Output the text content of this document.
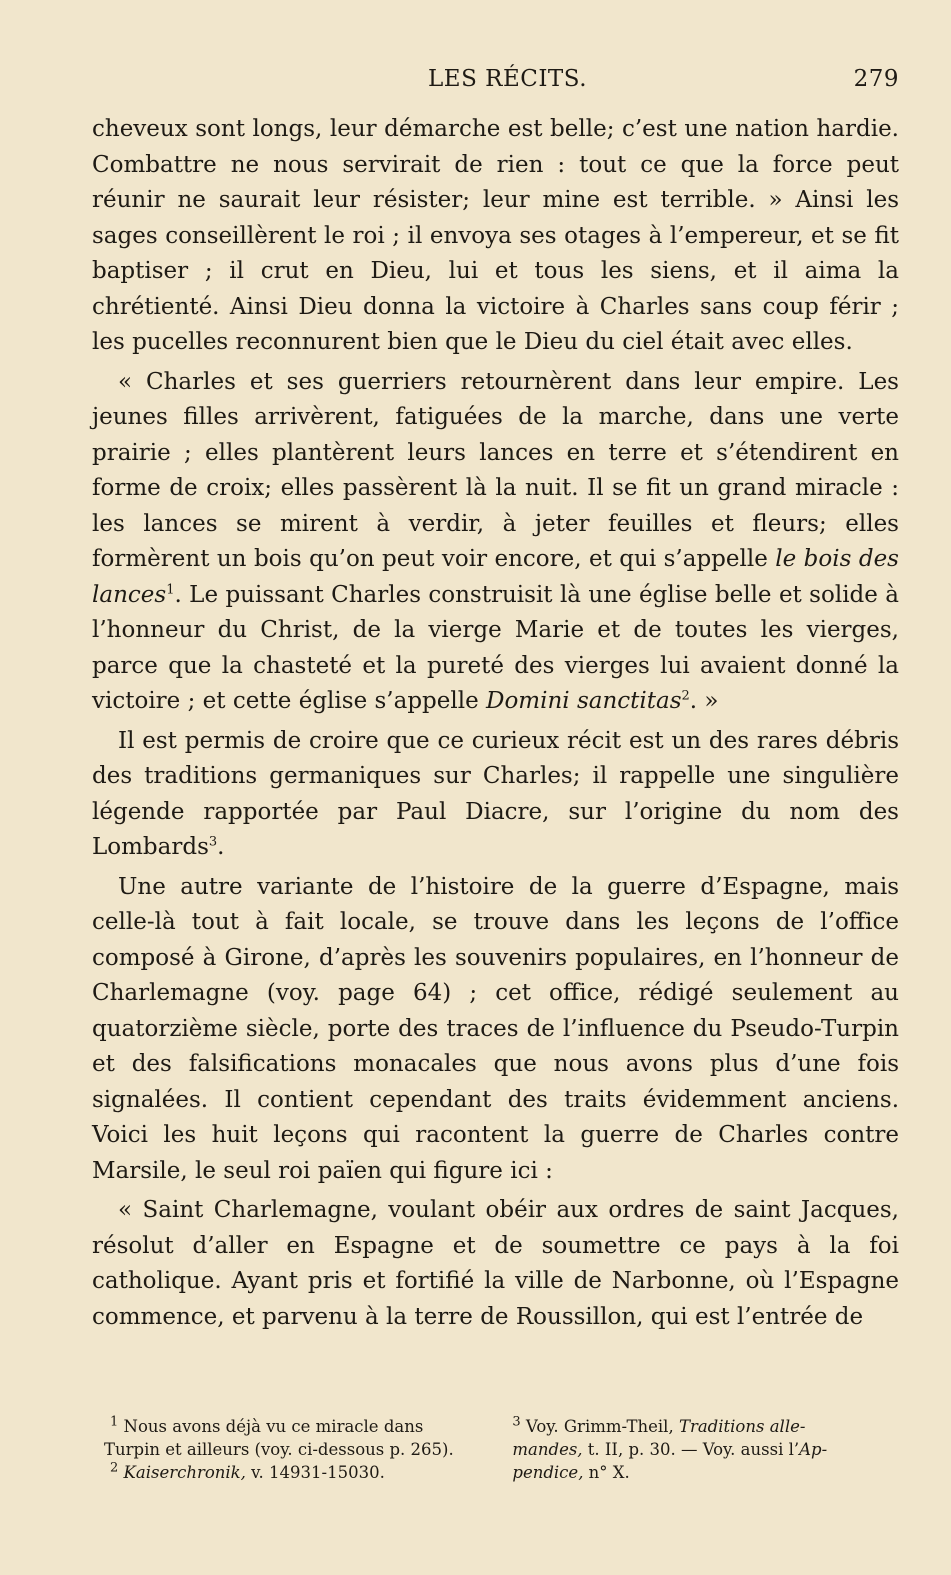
LES RÉCITS.	279

cheveux sont longs, leur démarche est belle; c’est une nation hardie. Combattre ne nous servirait de rien : tout ce que la force peut réunir ne saurait leur résister; leur mine est terrible. » Ainsi les sages conseillèrent le roi ; il envoya ses otages à l’empereur, et se fit baptiser ; il crut en Dieu, lui et tous les siens, et il aima la chrétienté. Ainsi Dieu donna la victoire à Charles sans coup férir ; les pucelles reconnurent bien que le Dieu du ciel était avec elles.

« Charles et ses guerriers retournèrent dans leur empire. Les jeunes filles arrivèrent, fatiguées de la marche, dans une verte prairie ; elles plantèrent leurs lances en terre et s’étendirent en forme de croix; elles passèrent là la nuit. Il se fit un grand miracle : les lances se mirent à verdir, à jeter feuilles et fleurs; elles formèrent un bois qu’on peut voir encore, et qui s’appelle le bois des lances$^1$. Le puissant Charles construisit là une église belle et solide à l’honneur du Christ, de la vierge Marie et de toutes les vierges, parce que la chasteté et la pureté des vierges lui avaient donné la victoire ; et cette église s’appelle Domini sanctitas$^2$. »

Il est permis de croire que ce curieux récit est un des rares débris des traditions germaniques sur Charles; il rappelle une singulière légende rapportée par Paul Diacre, sur l’origine du nom des Lombards$^3$.

Une autre variante de l’histoire de la guerre d’Espagne, mais celle-là tout à fait locale, se trouve dans les leçons de l’office composé à Girone, d’après les souvenirs populaires, en l’honneur de Charlemagne (voy. page 64) ; cet office, rédigé seulement au quatorzième siècle, porte des traces de l’influence du Pseudo-Turpin et des falsifications monacales que nous avons plus d’une fois signalées. Il contient cependant des traits évidemment anciens. Voici les huit leçons qui racontent la guerre de Charles contre Marsile, le seul roi païen qui figure ici :

« Saint Charlemagne, voulant obéir aux ordres de saint Jacques, résolut d’aller en Espagne et de soumettre ce pays à la foi catholique. Ayant pris et fortifié la ville de Narbonne, où l’Espagne commence, et parvenu à la terre de Roussillon, qui est l’entrée de

$^1$ Nous avons déjà vu ce miracle dans

Turpin et ailleurs (voy. ci-dessous p. 265).

$^2$ Kaiserchronik, v. 14931-15030.

$^3$ Voy. Grimm-Theil, Traditions alle-
mandes, t. II, p. 30. — Voy. aussi l’Ap-
pendice, n° X.
